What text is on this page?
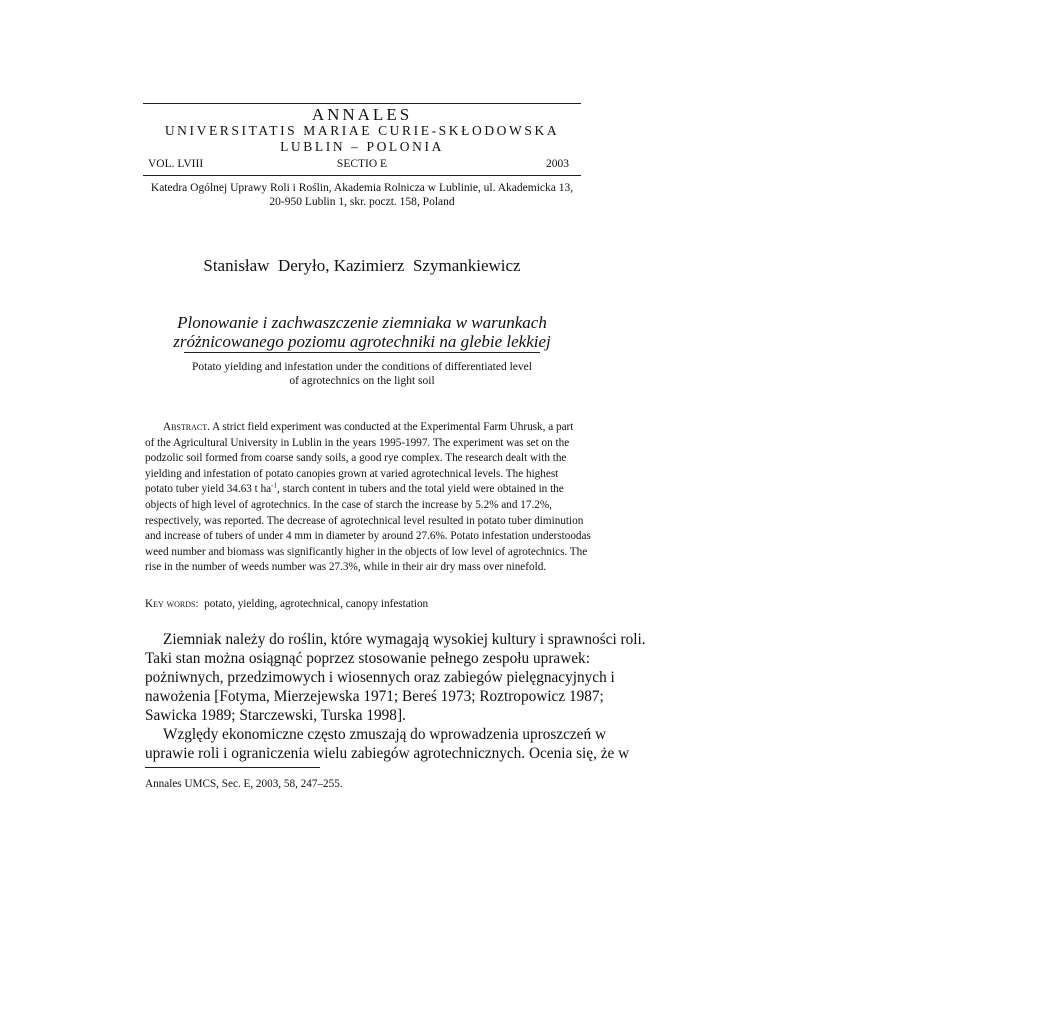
ANNALES
UNIVERSITATIS MARIAE CURIE-SKŁODOWSKA
LUBLIN – POLONIA
VOL. LVIII	SECTIO E	2003
Katedra Ogólnej Uprawy Roli i Roślin, Akademia Rolnicza w Lublinie, ul. Akademicka 13,
20-950 Lublin 1, skr. poczt. 158, Poland
Stanisław  Deryło, Kazimierz  Szymankiewicz
Plonowanie i zachwaszczenie ziemniaka w warunkach
zróżnicowanego poziomu agrotechniki na glebie lekkiej
Potato yielding and infestation under the conditions of differentiated level
of agrotechnics on the light soil
Abstract. A strict field experiment was conducted at the Experimental Farm Uhrusk, a part
of the Agricultural University in Lublin in the years 1995-1997. The experiment was set on the
podzolic soil formed from coarse sandy soils, a good rye complex. The research dealt with the
yielding and infestation of potato canopies grown at varied agrotechnical levels. The highest
potato tuber yield 34.63 t $ha^{-1}$, starch content in tubers and the total yield were obtained in the
objects of high level of agrotechnics. In the case of starch the increase by 5.2% and 17.2%,
respectively, was reported. The decrease of agrotechnical level resulted in potato tuber diminution
and increase of tubers of under 4 mm in diameter by around 27.6%. Potato infestation understoodas
weed number and biomass was significantly higher in the objects of low level of agrotechnics. The
rise in the number of weeds number was 27.3%, while in their air dry mass over ninefold.
Key words:  potato, yielding, agrotechnical, canopy infestation
Ziemniak należy do roślin, które wymagają wysokiej kultury i sprawności roli.
Taki stan można osiągnąć poprzez stosowanie pełnego zespołu uprawek:
pożniwnych, przedzimowych i wiosennych oraz zabiegów pielęgnacyjnych i
nawożenia [Fotyma, Mierzejewska 1971; Bereś 1973; Roztropowicz 1987;
Sawicka 1989; Starczewski, Turska 1998].
Względy ekonomiczne często zmuszają do wprowadzenia uproszczeń w
uprawie roli i ograniczenia wielu zabiegów agrotechnicznych. Ocenia się, że w
Annales UMCS, Sec. E, 2003, 58, 247–255.
